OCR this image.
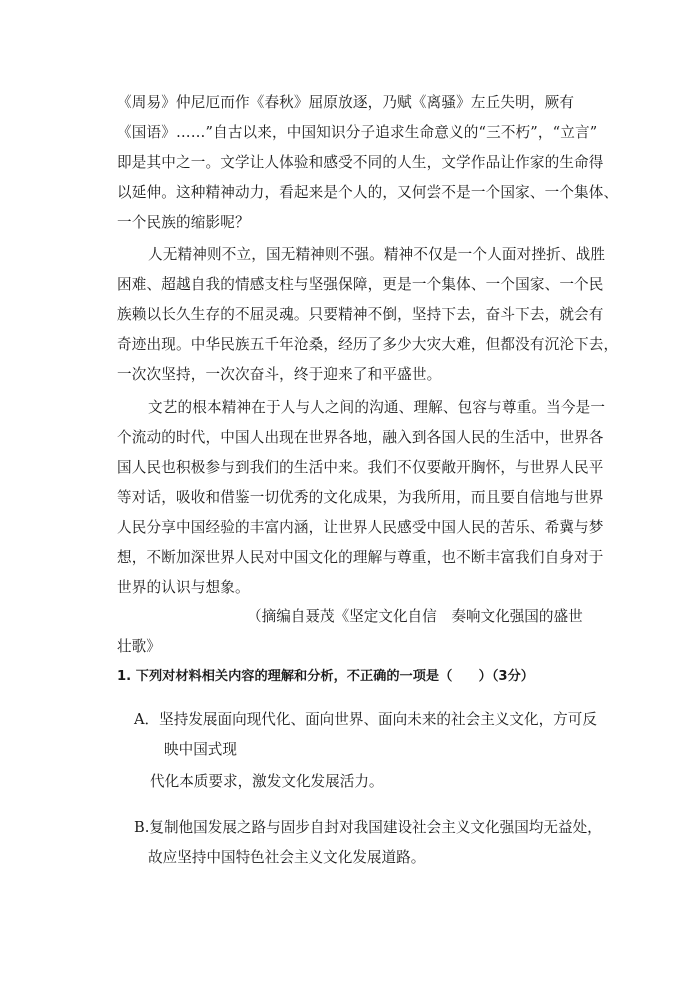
《周易》仲尼厄而作《春秋》屈原放逐，乃赋《离骚》左丘失明，厥有
《国语》……”自古以来，中国知识分子追求生命意义的“三不朽”，“立言”
即是其中之一。文学让人体验和感受不同的人生，文学作品让作家的生命得
以延伸。这种精神动力，看起来是个人的，又何尝不是一个国家、一个集体、
一个民族的缩影呢？
人无精神则不立，国无精神则不强。精神不仅是一个人面对挫折、战胜
困难、超越自我的情感支柱与坚强保障，更是一个集体、一个国家、一个民
族赖以长久生存的不屈灵魂。只要精神不倒，坚持下去，奋斗下去，就会有
奇迹出现。中华民族五千年沧桑，经历了多少大灾大难，但都没有沉沦下去，
一次次坚持，一次次奋斗，终于迎来了和平盛世。
文艺的根本精神在于人与人之间的沟通、理解、包容与尊重。当今是一
个流动的时代，中国人出现在世界各地，融入到各国人民的生活中，世界各
国人民也积极参与到我们的生活中来。我们不仅要敞开胸怀，与世界人民平
等对话，吸收和借鉴一切优秀的文化成果，为我所用，而且要自信地与世界
人民分享中国经验的丰富内涵，让世界人民感受中国人民的苦乐、希冀与梦
想，不断加深世界人民对中国文化的理解与尊重，也不断丰富我们自身对于
世界的认识与想象。
（摘编自聂茂《坚定文化自信　奏响文化强国的盛世
壮歌》
1. 下列对材料相关内容的理解和分析，不正确的一项是（　　）（3分）
A．坚持发展面向现代化、面向世界、面向未来的社会主义文化，方可反
映中国式现
代化本质要求，激发文化发展活力。
B.复制他国发展之路与固步自封对我国建设社会主义文化强国均无益处，
故应坚持中国特色社会主义文化发展道路。
